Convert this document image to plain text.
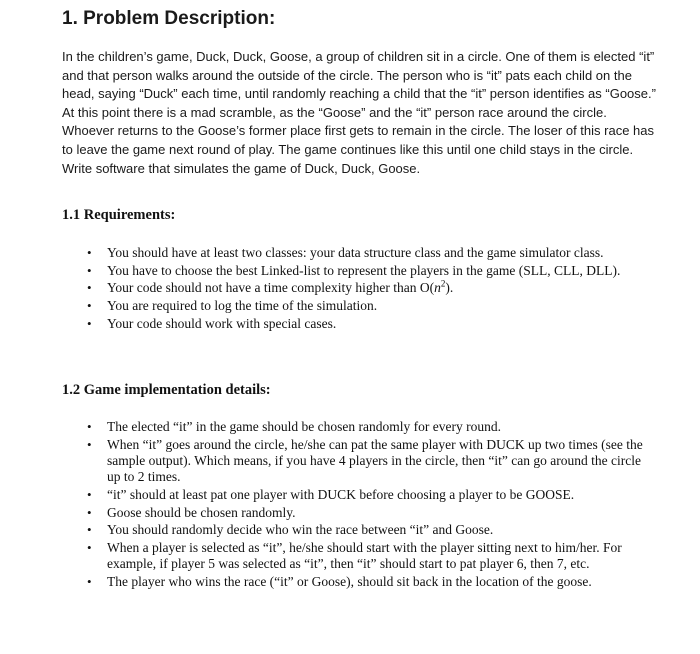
1. Problem Description:
In the children’s game, Duck, Duck, Goose, a group of children sit in a circle. One of them is elected “it” and that person walks around the outside of the circle. The person who is “it” pats each child on the head, saying “Duck” each time, until randomly reaching a child that the “it” person identifies as “Goose.” At this point there is a mad scramble, as the “Goose” and the “it” person race around the circle. Whoever returns to the Goose’s former place first gets to remain in the circle. The loser of this race has to leave the game next round of play. The game continues like this until one child stays in the circle. Write software that simulates the game of Duck, Duck, Goose.
1.1 Requirements:
• You should have at least two classes: your data structure class and the game simulator class.
• You have to choose the best Linked-list to represent the players in the game (SLL, CLL, DLL).
• Your code should not have a time complexity higher than $O(n^2)$.
• You are required to log the time of the simulation.
• Your code should work with special cases.
1.2 Game implementation details:
• The elected “it” in the game should be chosen randomly for every round.
• When “it” goes around the circle, he/she can pat the same player with DUCK up two times (see the sample output). Which means, if you have 4 players in the circle, then “it” can go around the circle up to 2 times.
• “it” should at least pat one player with DUCK before choosing a player to be GOOSE.
• Goose should be chosen randomly.
• You should randomly decide who win the race between “it” and Goose.
• When a player is selected as “it”, he/she should start with the player sitting next to him/her. For example, if player 5 was selected as “it”, then “it” should start to pat player 6, then 7, etc.
• The player who wins the race (“it” or Goose), should sit back in the location of the goose.
